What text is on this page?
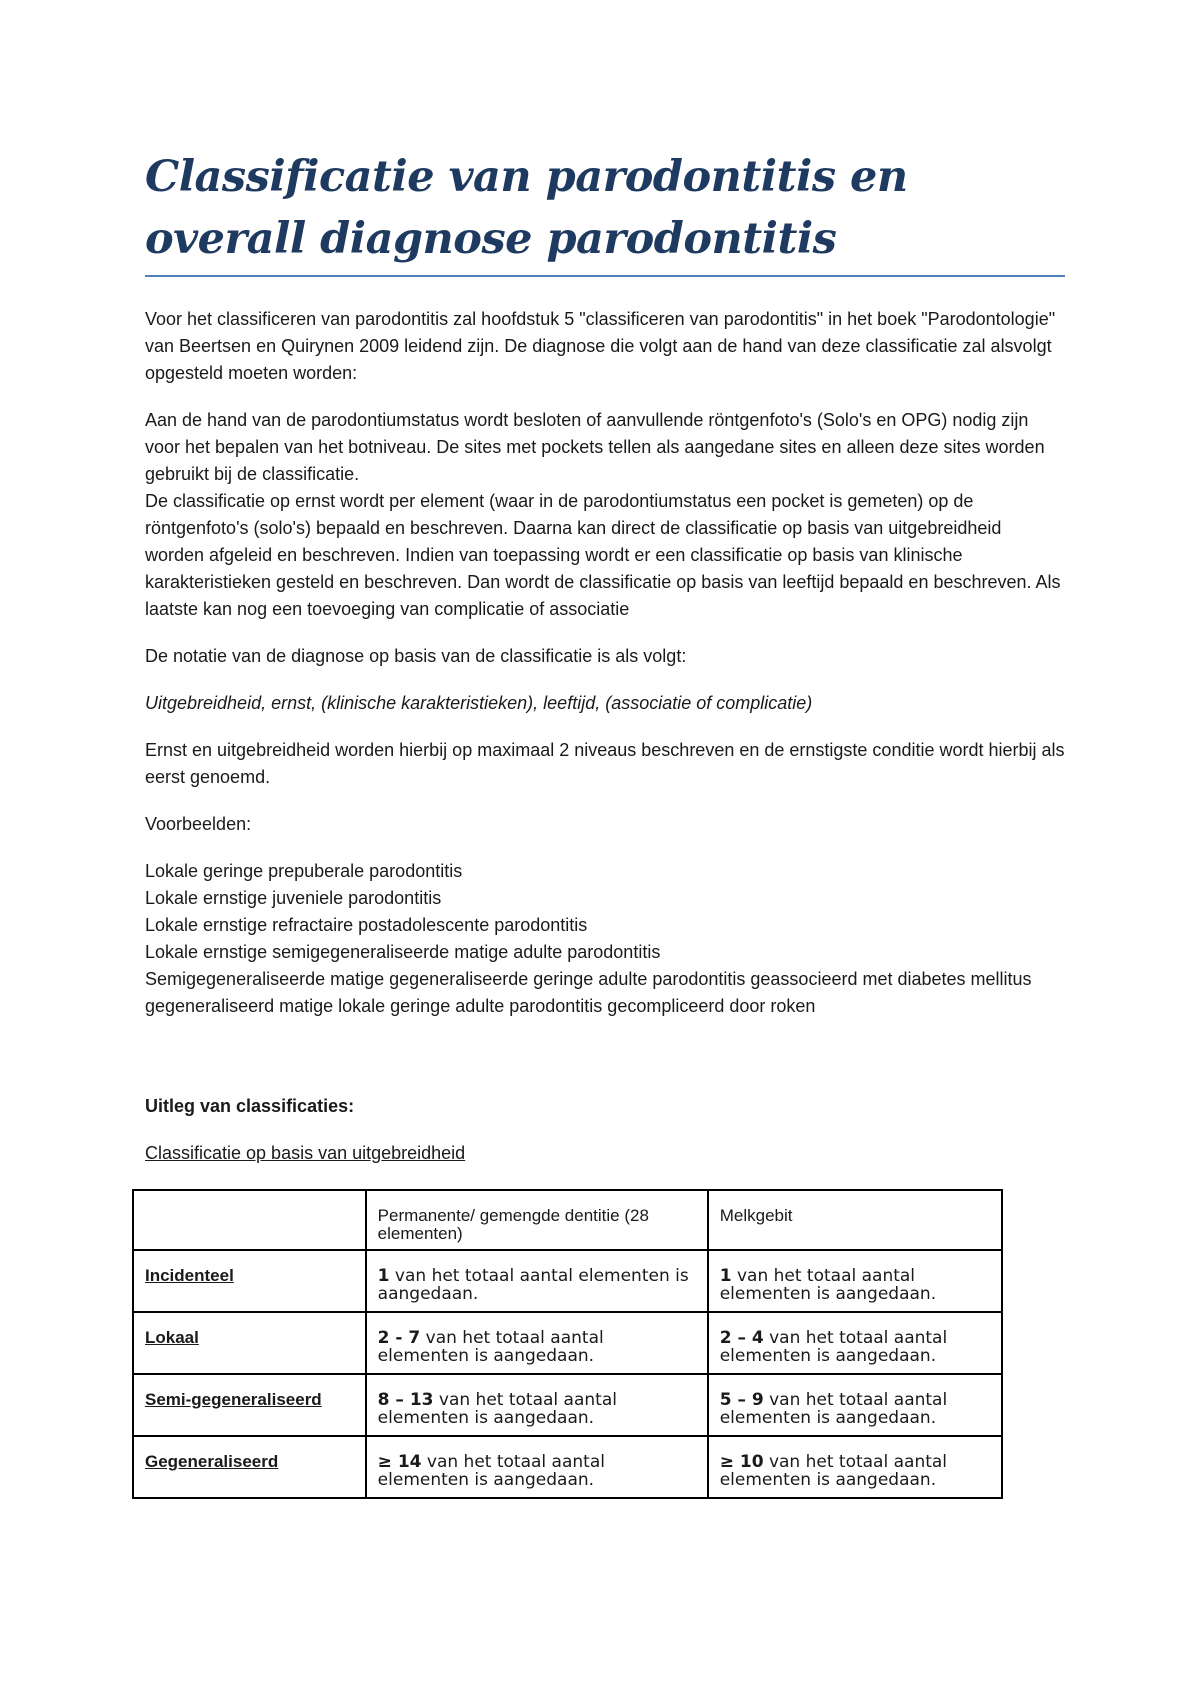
Classificatie van parodontitis en overall diagnose parodontitis

Voor het classificeren van parodontitis zal hoofdstuk 5 "classificeren van parodontitis" in het boek "Parodontologie" van Beertsen en Quirynen 2009 leidend zijn. De diagnose die volgt aan de hand van deze classificatie zal alsvolgt opgesteld moeten worden:

Aan de hand van de parodontiumstatus wordt besloten of aanvullende röntgenfoto's (Solo's en OPG) nodig zijn voor het bepalen van het botniveau. De sites met pockets tellen als aangedane sites en alleen deze sites worden gebruikt bij de classificatie.

De classificatie op ernst wordt per element (waar in de parodontiumstatus een pocket is gemeten) op de röntgenfoto's (solo's) bepaald en beschreven. Daarna kan direct de classificatie op basis van uitgebreidheid worden afgeleid en beschreven. Indien van toepassing wordt er een classificatie op basis van klinische karakteristieken gesteld en beschreven. Dan wordt de classificatie op basis van leeftijd bepaald en beschreven. Als laatste kan nog een toevoeging van complicatie of associatie

De notatie van de diagnose op basis van de classificatie is als volgt:

Uitgebreidheid, ernst, (klinische karakteristieken), leeftijd, (associatie of complicatie)

Ernst en uitgebreidheid worden hierbij op maximaal 2 niveaus beschreven en de ernstigste conditie wordt hierbij als eerst genoemd.

Voorbeelden:

Lokale geringe prepuberale parodontitis
Lokale ernstige juveniele parodontitis
Lokale ernstige refractaire postadolescente parodontitis
Lokale ernstige semigegeneraliseerde matige adulte parodontitis
Semigegeneraliseerde matige gegeneraliseerde geringe adulte parodontitis geassocieerd met diabetes mellitus
gegeneraliseerd matige lokale geringe adulte parodontitis gecompliceerd door roken

Uitleg van classificaties:
Classificatie op basis van uitgebreidheid
	Permanente/ gemengde dentitie (28 elementen)	Melkgebit
Incidenteel	1 van het totaal aantal elementen is aangedaan.	1 van het totaal aantal elementen is aangedaan.
Lokaal	2 - 7 van het totaal aantal elementen is aangedaan.	2 – 4 van het totaal aantal elementen is aangedaan.
Semi-gegeneraliseerd	8 – 13 van het totaal aantal elementen is aangedaan.	5 – 9 van het totaal aantal elementen is aangedaan.
Gegeneraliseerd	≥ 14 van het totaal aantal elementen is aangedaan.	≥ 10 van het totaal aantal elementen is aangedaan.
